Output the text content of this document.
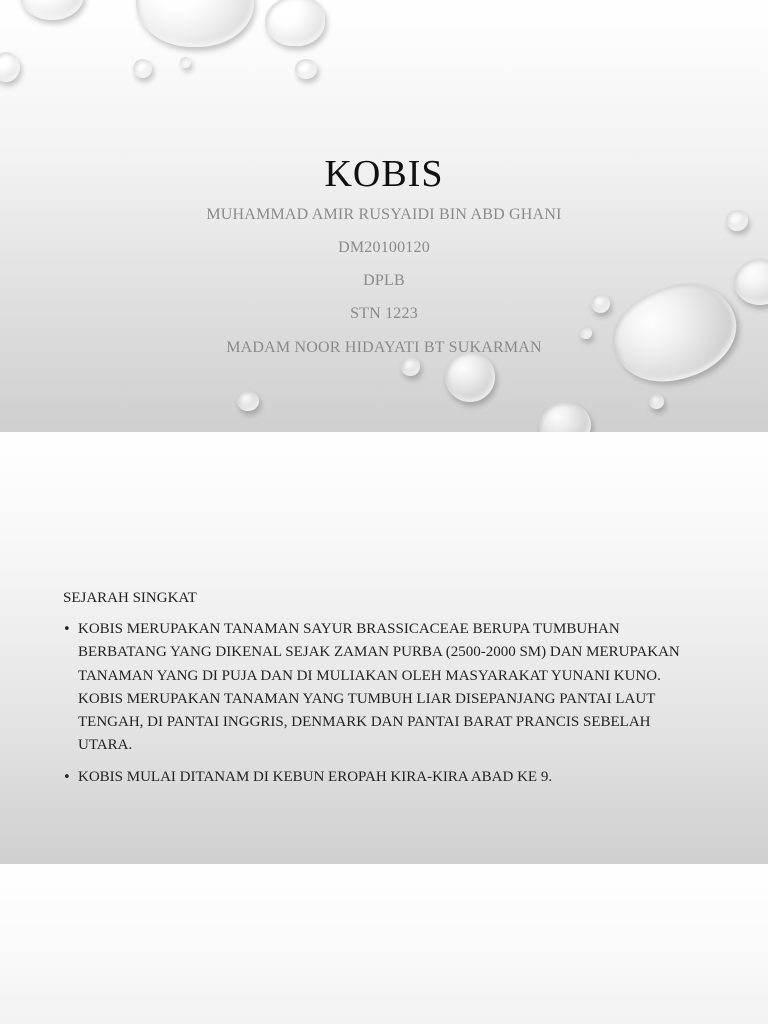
KOBIS
MUHAMMAD AMIR RUSYAIDI BIN ABD GHANI
DM20100120
DPLB
STN 1223
MADAM NOOR HIDAYATI BT SUKARMAN
SEJARAH SINGKAT
• KOBIS MERUPAKAN TANAMAN SAYUR BRASSICACEAE BERUPA TUMBUHAN BERBATANG YANG DIKENAL SEJAK ZAMAN PURBA (2500-2000 SM) DAN MERUPAKAN TANAMAN YANG DI PUJA DAN DI MULIAKAN OLEH MASYARAKAT YUNANI KUNO. KOBIS MERUPAKAN TANAMAN YANG TUMBUH LIAR DISEPANJANG PANTAI LAUT TENGAH, DI PANTAI INGGRIS, DENMARK DAN PANTAI BARAT PRANCIS SEBELAH UTARA.
• KOBIS MULAI DITANAM DI KEBUN EROPAH KIRA-KIRA ABAD KE 9.
